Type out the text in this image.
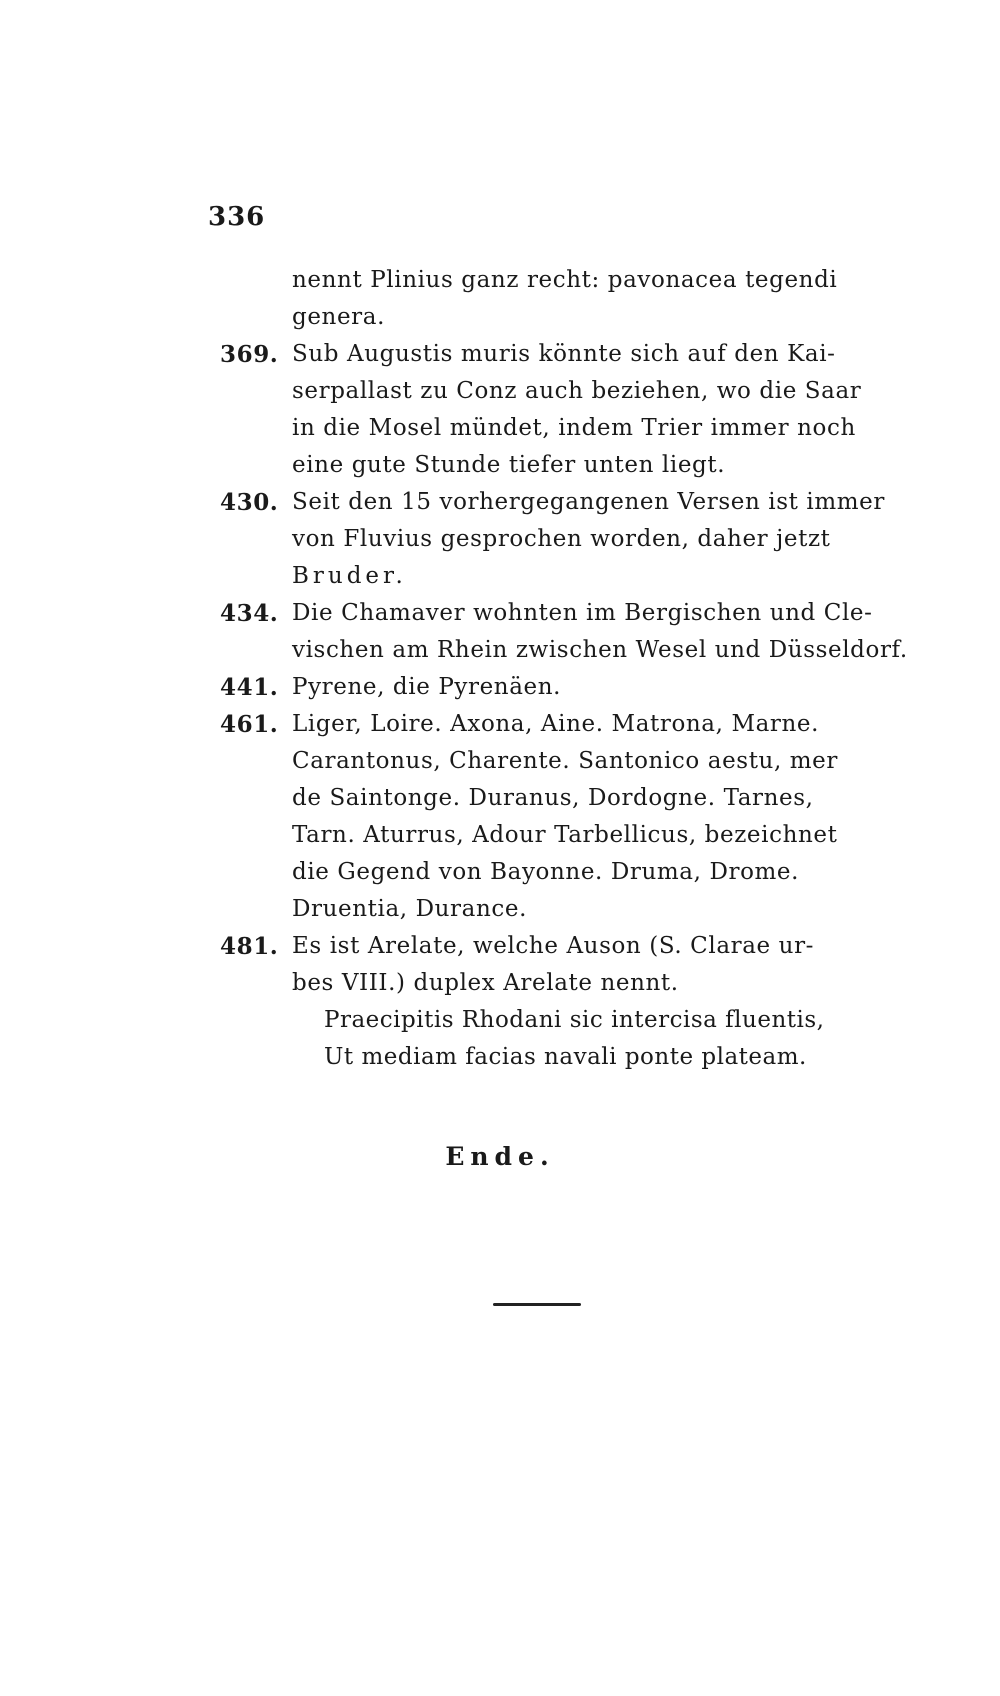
336
nennt Plinius ganz recht: pavonacea tegendi
genera.
369. Sub Augustis muris könnte sich auf den Kai-
serpallast zu Conz auch beziehen, wo die Saar
in die Mosel mündet, indem Trier immer noch
eine gute Stunde tiefer unten liegt.
430. Seit den 15 vorhergegangenen Versen ist immer
von Fluvius gesprochen worden, daher jetzt
Bruder.
434. Die Chamaver wohnten im Bergischen und Cle-
vischen am Rhein zwischen Wesel und Düsseldorf.
441. Pyrene, die Pyrenäen.
461. Liger, Loire. Axona, Aine. Matrona, Marne.
Carantonus, Charente. Santonico aestu, mer
de Saintonge. Duranus, Dordogne. Tarnes,
Tarn. Aturrus, Adour Tarbellicus, bezeichnet
die Gegend von Bayonne. Druma, Drome.
Druentia, Durance.
481. Es ist Arelate, welche Auson (S. Clarae ur-
bes VIII.) duplex Arelate nennt.
Praecipitis Rhodani sic intercisa fluentis,
Ut mediam facias navali ponte plateam.
Ende.
